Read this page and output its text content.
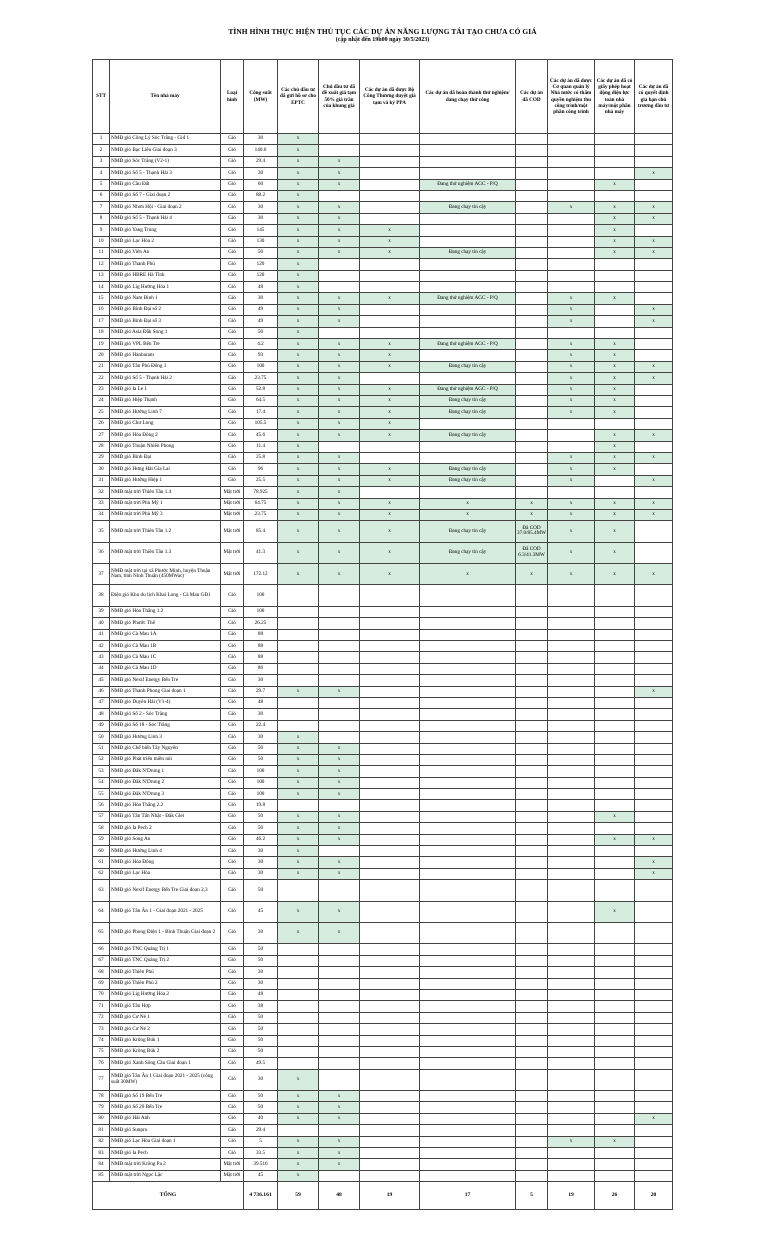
TÌNH HÌNH THỰC HIỆN THỦ TỤC CÁC DỰ ÁN NĂNG LƯỢNG TÁI TẠO CHƯA CÓ GIÁ
(cập nhật đến 19h00 ngày 30/5/2023)
STT	Tên nhà máy	Loại hình	Công suất (MW)	Các chủ đầu tư đã gửi hồ sơ cho EPTC	Chủ đầu tư đã đề xuất giá tạm 50% giá trần của khung giá	Các dự án đã được Bộ Công Thương duyệt giá tạm và ký PPA	Các dự án đã hoàn thành thử nghiệm/đang chạy thử công	Các dự án đã COD	Các dự án đã được Cơ quan quản lý Nhà nước có thẩm quyền nghiệm thu công trình/một phần công trình	Các dự án đã có giấy phép hoạt động điện lực toàn nhà máy/một phần nhà máy	Các dự án đã có quyết định gia hạn chủ trương đầu tư
1	NMĐ gió Công Lý Sóc Trăng - Giđ 1	Gió	30	x							
2	NMĐ gió Bạc Liêu Giai đoạn 3	Gió	140.6	x							
3	NMĐ gió Sóc Trăng (V2-1)	Gió	29.4	x	x						
4	NMĐ gió Số 5 - Thạnh Hải 3	Gió	30	x	x						x
5	NMĐ gió Cầu Đất	Gió	60	x	x		Đang thử nghiệm AGC - P/Q			x	
6	NMĐ gió Số 7 - Giai đoạn 2	Gió	88.2	x							
7	NMĐ gió Nhơn Hội - Giai đoạn 2	Gió	30	x	x		Đang chạy tin cậy		x	x	x
8	NMĐ gió Số 5 - Thạnh Hải 4	Gió	30	x	x					x	x
9	NMĐ gió Yang Trung	Gió	145	x	x	x				x	
10	NMĐ gió Lạc Hòa 2	Gió	130	x	x	x				x	x
11	NMĐ gió Viên An	Gió	50	x	x	x	Đang chạy tin cậy			x	x
12	NMĐ gió Thanh Phú	Gió	120	x							
13	NMĐ gió HBRE Hà Tĩnh	Gió	120	x							
14	NMĐ gió Lig Hướng Hóa 1	Gió	48	x							
15	NMĐ gió Nam Bình 1	Gió	30	x	x	x	Đang thử nghiệm AGC - P/Q		x	x	
16	NMĐ gió Bình Đại số 2	Gió	49	x	x				x		x
17	NMĐ gió Bình Đại số 3	Gió	49	x	x				x		x
18	NMĐ gió Asia Đắk Song 1	Gió	50	x							
19	NMĐ gió VPL Bến Tre	Gió	4.2	x	x	x	Đang thử nghiệm AGC - P/Q		x	x	
20	NMĐ gió Hanbaram	Gió	93	x	x	x			x	x	
21	NMĐ gió Tân Phú Đông 1	Gió	100	x	x	x	Đang chạy tin cậy		x	x	x
22	NMĐ gió Số 5 - Thạnh Hải 2	Gió	23.75	x	x				x	x	x
23	NMĐ gió Ia Le 1	Gió	52.8	x	x	x	Đang thử nghiệm AGC - P/Q		x	x	
24	NMĐ gió Hiệp Thạnh	Gió	64.5	x	x	x	Đang chạy tin cậy		x	x	
25	NMĐ gió Hướng Linh 7	Gió	17.4	x	x	x	Đang chạy tin cậy		x	x	
26	NMĐ gió Chư Long	Gió	105.5	x	x	x					
27	NMĐ gió Hòa Đông 2	Gió	45.6	x	x	x	Đang chạy tin cậy			x	x
28	NMĐ gió Thuận Nhiên Phong	Gió	11.4	x						x	
29	NMĐ gió Bình Đại	Gió	25.8	x	x				x	x	x
30	NMĐ gió Hưng Hải Gia Lai	Gió	96	x	x	x	Đang chạy tin cậy		x	x	
31	NMĐ gió Hướng Hiệp 1	Gió	25.5	x	x	x	Đang chạy tin cậy		x		x
32	NMĐ mặt trời Thiên Tân 1.4	Mặt trời	78.925	x	x						
33	NMĐ mặt trời Phù Mỹ 1	Mặt trời	64.75	x	x	x	x	x	x	x	x
34	NMĐ mặt trời Phù Mỹ 3	Mặt trời	23.75	x	x	x	x	x	x	x	x
35	NMĐ mặt trời Thiên Tân 1.2	Mặt trời	85.4	x	x	x	Đang chạy tin cậy	Đã COD 37.0/85.4MW	x	x	
36	NMĐ mặt trời Thiên Tân 1.3	Mặt trời	41.3	x	x	x	Đang chạy tin cậy	Đã COD 6.3/41.3MW	x	x	
37	NMĐ mặt trời tại xã Phước Minh, huyện Thuận Nam, tỉnh Ninh Thuận (450MWac)	Mặt trời	172.12	x	x	x	x	x	x	x	x
38	Điện gió Khu du lịch Khai Long - Cà Mau GĐ1	Gió	100								
39	NMĐ gió Hòa Thắng 1.2	Gió	100								
40	NMĐ gió Phước Thể	Gió	26.25								
41	NMĐ gió Cà Mau 1A	Gió	88								
42	NMĐ gió Cà Mau 1B	Gió	88								
43	NMĐ gió Cà Mau 1C	Gió	88								
44	NMĐ gió Cà Mau 1D	Gió	86								
45	NMĐ gió Nexif Energy Bến Tre	Gió	30								
46	NMĐ gió Thanh Phong Giai đoạn 1	Gió	29.7	x	x						x
47	NMĐ gió Duyên Hải (V1-4)	Gió	48								
48	NMĐ gió Số 2 - Sóc Trăng	Gió	30								
49	NMĐ gió Số 18 - Sóc Trăng	Gió	22.4								
50	NMĐ gió Hướng Linh 3	Gió	30	x							
51	NMĐ gió Chế biến Tây Nguyên	Gió	50	x	x						
52	NMĐ gió Phát triển miền núi	Gió	50	x	x						
53	NMĐ gió Đăk N'Drung 1	Gió	100	x	x						
54	NMĐ gió Đăk N'Drung 2	Gió	100	x	x						
55	NMĐ gió Đăk N'Drung 3	Gió	100	x	x						
56	NMĐ gió Hòa Thắng 2.2	Gió	19.8								
57	NMĐ gió Tân Tấn Nhật - Đăk Glei	Gió	50	x	x					x	
58	NMĐ gió Ia Pech 2	Gió	50	x	x						
59	NMĐ gió Song An	Gió	46.2	x	x					x	x
60	NMĐ gió Hướng Linh 4	Gió	30	x							
61	NMĐ gió Hòa Đông	Gió	30	x	x						x
62	NMĐ gió Lạc Hòa	Gió	30	x	x						x
63	NMĐ gió Nexif Energy Bến Tre Giai đoạn 2,3	Gió	50								
64	NMĐ gió Tân Ân 1 - Giai đoạn 2021 - 2025	Gió	45	x	x					x	
65	NMĐ gió Phong Điện 1 - Bình Thuận Giai đoạn 2	Gió	30	x	x						
66	NMĐ gió TNC Quảng Trị 1	Gió	50								
67	NMĐ gió TNC Quảng Trị 2	Gió	50								
68	NMĐ gió Thiên Phú	Gió	30								
69	NMĐ gió Thiên Phú 2	Gió	30								
70	NMĐ gió Lig Hướng Hóa 2	Gió	48								
71	NMĐ gió Tân Hợp	Gió	38								
72	NMĐ gió Cư Né 1	Gió	50								
73	NMĐ gió Cư Né 2	Gió	50								
74	NMĐ gió Krông Búk 1	Gió	50								
75	NMĐ gió Krông Búk 2	Gió	50								
76	NMĐ gió Xanh Sông Cầu Giai đoạn 1	Gió	49.5								
77	NMĐ gió Tân Ân 1 Giai đoạn 2021 - 2025 (công suất 30MW)	Gió	30	x							
78	NMĐ gió Số 19 Bến Tre	Gió	50	x	x						
79	NMĐ gió Số 20 Bến Tre	Gió	50	x	x						
80	NMĐ gió Hải Anh	Gió	40	x	x						x
81	NMĐ gió Sunpro	Gió	29.4								
82	NMĐ gió Lạc Hòa Giai đoạn 1	Gió	5	x	x				x	x	
83	NMĐ gió Ia Pech	Gió	33.5	x	x						
84	NMĐ mặt trời Krông Pa 2	Mặt trời	39.516	x	x						
85	NMĐ mặt trời Ngọc Lặc	Mặt trời	45	x							
TỔNG			4 736.161	59	48	19	17	5	19	26	20
